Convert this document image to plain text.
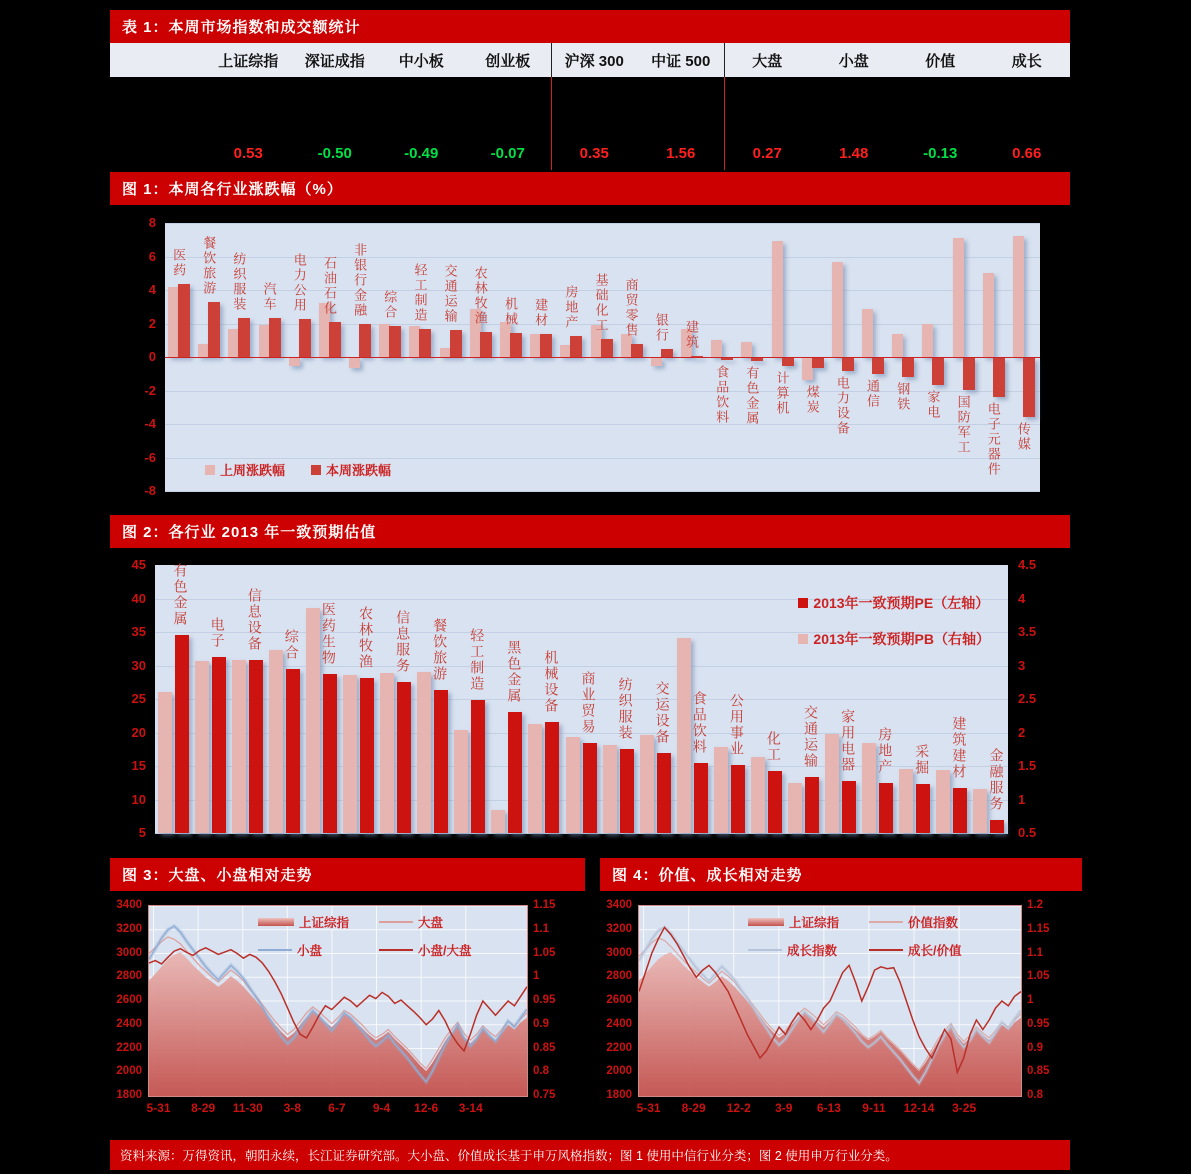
表 1：本周市场指数和成交额统计
上证综指	深证成指	中小板	创业板	沪深 300	中证 500	大盘	小盘	价值	成长
0.53	-0.50	-0.49	-0.07	0.35	1.56	0.27	1.48	-0.13	0.66
图 1：本周各行业涨跌幅（%）
医药 餐饮旅游 纺织服装 汽车 电力公用 石油石化 非银行金融 综合 轻工制造 交通运输 农林牧渔 机械 建材 房地产 基础化工 商贸零售 银行 建筑
食品饮料 有色金属 计算机 煤炭 电力设备 通信 钢铁 家电 国防军工 电子元器件 传媒
上周涨跌幅	本周涨跌幅
8
6
4
2
0
-2
-4
-6
-8
图 2：各行业 2013 年一致预期估值
有色金属
电子 信息设备 综合 医药生物 农林牧渔 信息服务 餐饮旅游 轻工制造 黑色金属 机械设备 商业贸易 纺织服装 交运设备 食品饮料 公用事业 化工 交通运输 家用电器 房地产 采掘 建筑建材
金融服务
2013年一致预期PE（左轴）
2013年一致预期PB（右轴）
45	4.5
40	4
35	3.5
30	3
25	2.5
20	2
15	1.5
10	1
5	0.5
图 3：大盘、小盘相对走势	图 4：价值、成长相对走势
3400	1.15
3200	1.1
3000	1.05
2800	1
2600	0.95
2400	0.9
2200	0.85
2000	0.8
1800	0.75
上证综指	大盘
小盘	小盘/大盘
5-31	8-29	11-30	3-8	6-7	9-4	12-6	3-14
3400	1.2
3200	1.15
3000	1.1
2800	1.05
2600	1
2400	0.95
2200	0.9
2000	0.85
1800	0.8
上证综指	价值指数
成长指数	成长/价值
5-31	8-29	12-2	3-9	6-13	9-11	12-14	3-25
资料来源：万得资讯，朝阳永续，长江证券研究部。大小盘、价值成长基于申万风格指数；图 1 使用中信行业分类；图 2 使用申万行业分类。
